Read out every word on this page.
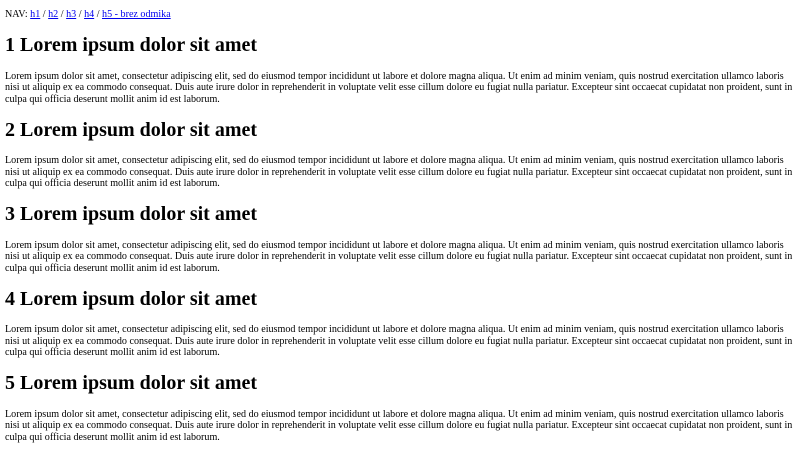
NAV: h1 / h2 / h3 / h4 / h5 - brez odmika
1 Lorem ipsum dolor sit amet

Lorem ipsum dolor sit amet, consectetur adipiscing elit, sed do eiusmod tempor incididunt ut labore et dolore magna aliqua. Ut enim ad minim veniam, quis nostrud exercitation ullamco laboris nisi ut aliquip ex ea commodo consequat. Duis aute irure dolor in reprehenderit in voluptate velit esse cillum dolore eu fugiat nulla pariatur. Excepteur sint occaecat cupidatat non proident, sunt in culpa qui officia deserunt mollit anim id est laborum.

2 Lorem ipsum dolor sit amet

Lorem ipsum dolor sit amet, consectetur adipiscing elit, sed do eiusmod tempor incididunt ut labore et dolore magna aliqua. Ut enim ad minim veniam, quis nostrud exercitation ullamco laboris nisi ut aliquip ex ea commodo consequat. Duis aute irure dolor in reprehenderit in voluptate velit esse cillum dolore eu fugiat nulla pariatur. Excepteur sint occaecat cupidatat non proident, sunt in culpa qui officia deserunt mollit anim id est laborum.

3 Lorem ipsum dolor sit amet

Lorem ipsum dolor sit amet, consectetur adipiscing elit, sed do eiusmod tempor incididunt ut labore et dolore magna aliqua. Ut enim ad minim veniam, quis nostrud exercitation ullamco laboris nisi ut aliquip ex ea commodo consequat. Duis aute irure dolor in reprehenderit in voluptate velit esse cillum dolore eu fugiat nulla pariatur. Excepteur sint occaecat cupidatat non proident, sunt in culpa qui officia deserunt mollit anim id est laborum.

4 Lorem ipsum dolor sit amet

Lorem ipsum dolor sit amet, consectetur adipiscing elit, sed do eiusmod tempor incididunt ut labore et dolore magna aliqua. Ut enim ad minim veniam, quis nostrud exercitation ullamco laboris nisi ut aliquip ex ea commodo consequat. Duis aute irure dolor in reprehenderit in voluptate velit esse cillum dolore eu fugiat nulla pariatur. Excepteur sint occaecat cupidatat non proident, sunt in culpa qui officia deserunt mollit anim id est laborum.

5 Lorem ipsum dolor sit amet

Lorem ipsum dolor sit amet, consectetur adipiscing elit, sed do eiusmod tempor incididunt ut labore et dolore magna aliqua. Ut enim ad minim veniam, quis nostrud exercitation ullamco laboris nisi ut aliquip ex ea commodo consequat. Duis aute irure dolor in reprehenderit in voluptate velit esse cillum dolore eu fugiat nulla pariatur. Excepteur sint occaecat cupidatat non proident, sunt in culpa qui officia deserunt mollit anim id est laborum.
